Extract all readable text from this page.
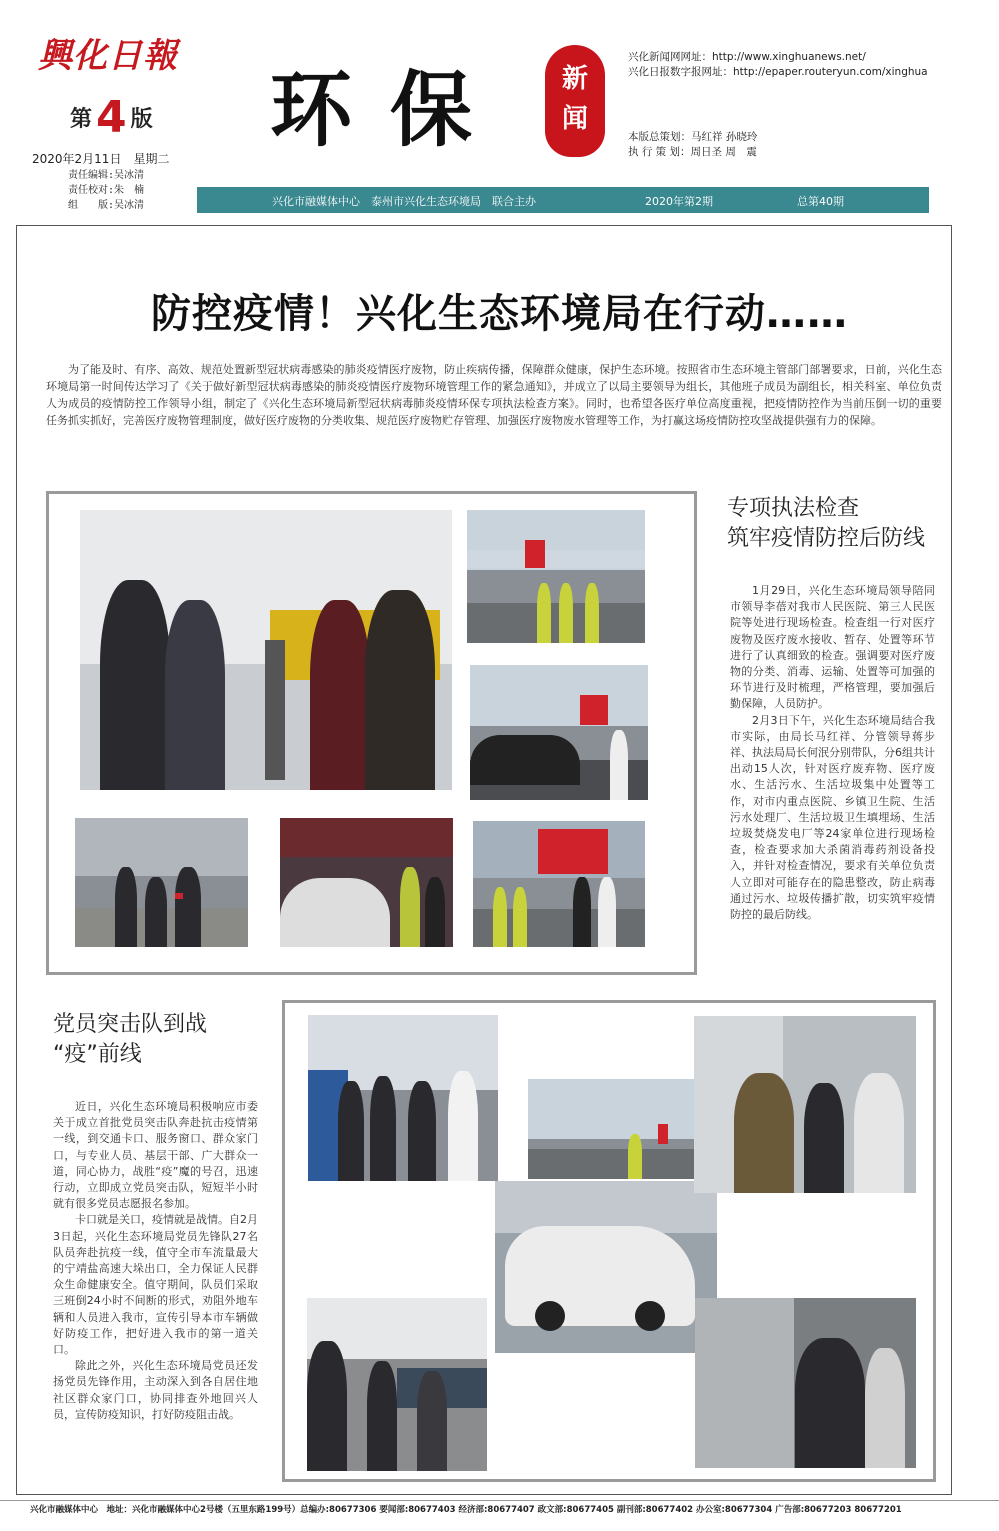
興化日報
第4 版
2020年2月11日　星期二
责任编辑:吴冰清
责任校对:朱　楠
组　　版:吴冰清
环保	新
闻
兴化新闻网网址：http://www.xinghuanews.net/
兴化日报数字报网址：http://epaper.routeryun.com/xinghua
本版总策划：马红祥 孙晓玲
执 行 策 划：周日圣 周　震
兴化市融媒体中心　泰州市兴化生态环境局　联合主办	2020年第2期	总第40期
防控疫情！兴化生态环境局在行动……
为了能及时、有序、高效、规范处置新型冠状病毒感染的肺炎疫情医疗废物，防止疾病传播，保障群众健康，保护生态环境。按照省市生态环境主管部门部署要求，日前，兴化生态环境局第一时间传达学习了《关于做好新型冠状病毒感染的肺炎疫情医疗废物环境管理工作的紧急通知》，并成立了以局主要领导为组长，其他班子成员为副组长，相关科室、单位负责人为成员的疫情防控工作领导小组，制定了《兴化生态环境局新型冠状病毒肺炎疫情环保专项执法检查方案》。同时，也希望各医疗单位高度重视，把疫情防控作为当前压倒一切的重要任务抓实抓好，完善医疗废物管理制度，做好医疗废物的分类收集、规范医疗废物贮存管理、加强医疗废物废水管理等工作，为打赢这场疫情防控攻坚战提供强有力的保障。
专项执法检查
筑牢疫情防控后防线

1月29日，兴化生态环境局领导陪同市领导李蓓对我市人民医院、第三人民医院等处进行现场检查。检查组一行对医疗废物及医疗废水接收、暂存、处置等环节进行了认真细致的检查。强调要对医疗废物的分类、消毒、运输、处置等可加强的环节进行及时梳理，严格管理，要加强后勤保障，人员防护。

2月3日下午，兴化生态环境局结合我市实际，由局长马红祥、分管领导蒋步祥、执法局局长何泯分别带队，分6组共计出动15人次，针对医疗废弃物、医疗废水、生活污水、生活垃圾集中处置等工作，对市内重点医院、乡镇卫生院、生活污水处理厂、生活垃圾卫生填埋场、生活垃圾焚烧发电厂等24家单位进行现场检查，检查要求加大杀菌消毒药剂设备投入，并针对检查情况，要求有关单位负责人立即对可能存在的隐患整改，防止病毒通过污水、垃圾传播扩散，切实筑牢疫情防控的最后防线。

党员突击队到战
“疫”前线

近日，兴化生态环境局积极响应市委关于成立首批党员突击队奔赴抗击疫情第一线，到交通卡口、服务窗口、群众家门口，与专业人员、基层干部、广大群众一道，同心协力，战胜“疫”魔的号召，迅速行动，立即成立党员突击队，短短半小时就有很多党员志愿报名参加。

卡口就是关口，疫情就是战情。自2月3日起，兴化生态环境局党员先锋队27名队员奔赴抗疫一线，值守全市车流量最大的宁靖盐高速大垛出口，全力保证人民群众生命健康安全。值守期间，队员们采取三班倒24小时不间断的形式，劝阻外地车辆和人员进入我市，宣传引导本市车辆做好防疫工作，把好进入我市的第一道关口。

除此之外，兴化生态环境局党员还发扬党员先锋作用，主动深入到各自居住地社区群众家门口，协同排查外地回兴人员，宣传防疫知识，打好防疫阻击战。

兴化市融媒体中心　地址：兴化市融媒体中心2号楼（五里东路199号）总编办:80677306 要闻部:80677403 经济部:80677407 政文部:80677405 副刊部:80677402 办公室:80677304 广告部:80677203 80677201
